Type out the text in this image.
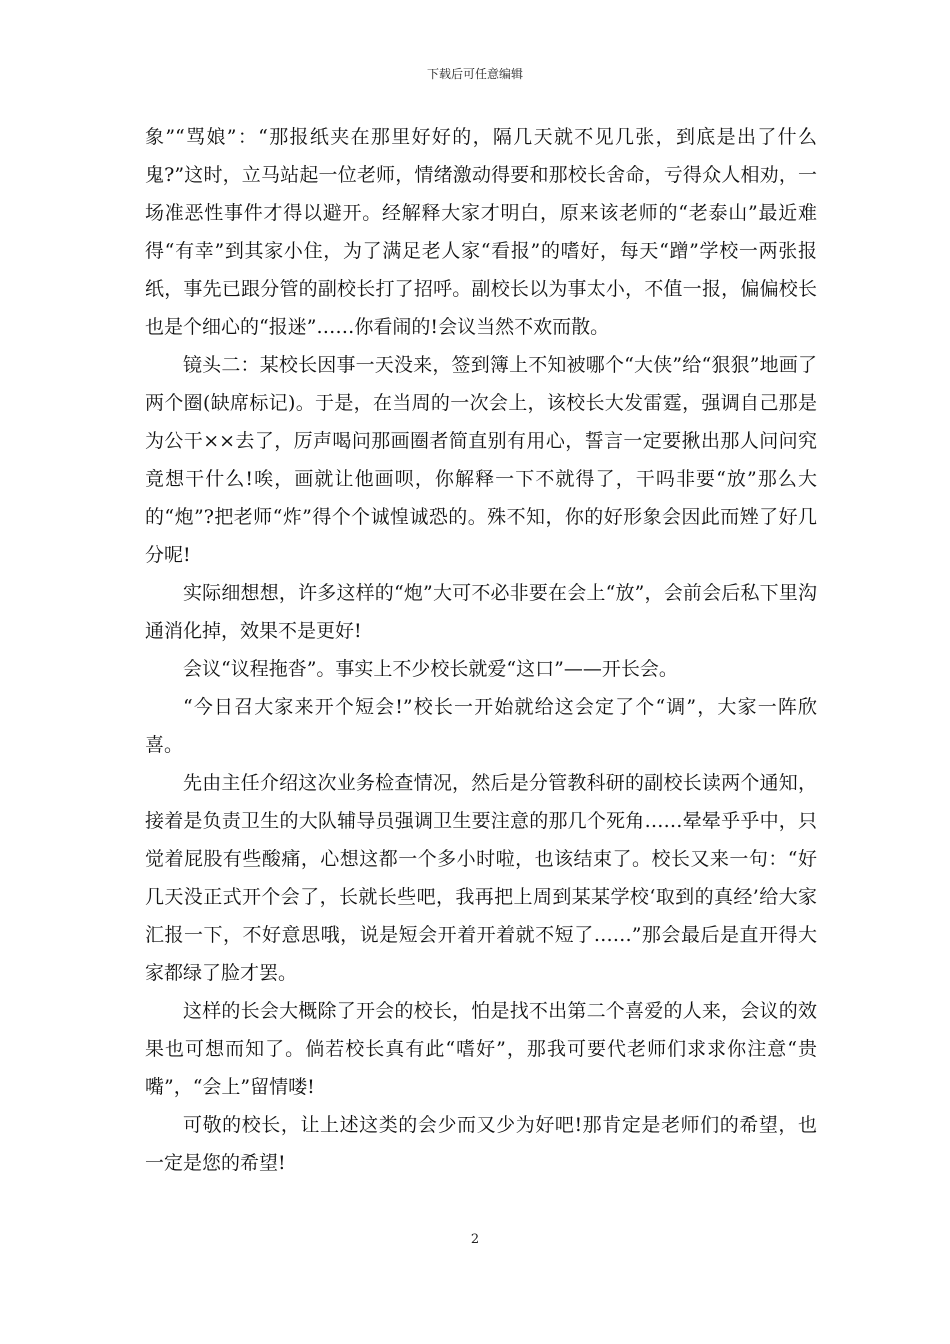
下载后可任意编辑

象”“骂娘”：“那报纸夹在那里好好的，隔几天就不见几张，到底是出了什么鬼?”这时，立马站起一位老师，情绪激动得要和那校长舍命，亏得众人相劝，一场准恶性事件才得以避开。经解释大家才明白，原来该老师的“老泰山”最近难得“有幸”到其家小住，为了满足老人家“看报”的嗜好，每天“蹭”学校一两张报纸，事先已跟分管的副校长打了招呼。副校长以为事太小，不值一报，偏偏校长也是个细心的“报迷”……你看闹的!会议当然不欢而散。

镜头二：某校长因事一天没来，签到簿上不知被哪个“大侠”给“狠狠”地画了两个圈(缺席标记)。于是，在当周的一次会上，该校长大发雷霆，强调自己那是为公干××去了，厉声喝问那画圈者简直别有用心，誓言一定要揪出那人问问究竟想干什么!唉，画就让他画呗，你解释一下不就得了，干吗非要“放”那么大的“炮”?把老师“炸”得个个诚惶诚恐的。殊不知，你的好形象会因此而矬了好几分呢!

实际细想想，许多这样的“炮”大可不必非要在会上“放”，会前会后私下里沟通消化掉，效果不是更好!

会议“议程拖沓”。事实上不少校长就爱“这口”——开长会。

“今日召大家来开个短会!”校长一开始就给这会定了个“调”，大家一阵欣喜。

先由主任介绍这次业务检查情况，然后是分管教科研的副校长读两个通知，接着是负责卫生的大队辅导员强调卫生要注意的那几个死角……晕晕乎乎中，只觉着屁股有些酸痛，心想这都一个多小时啦，也该结束了。校长又来一句：“好几天没正式开个会了，长就长些吧，我再把上周到某某学校‘取到的真经’给大家汇报一下，不好意思哦，说是短会开着开着就不短了……”那会最后是直开得大家都绿了脸才罢。

这样的长会大概除了开会的校长，怕是找不出第二个喜爱的人来，会议的效果也可想而知了。倘若校长真有此“嗜好”，那我可要代老师们求求你注意“贵嘴”，“会上”留情喽!

可敬的校长，让上述这类的会少而又少为好吧!那肯定是老师们的希望，也一定是您的希望!

2
